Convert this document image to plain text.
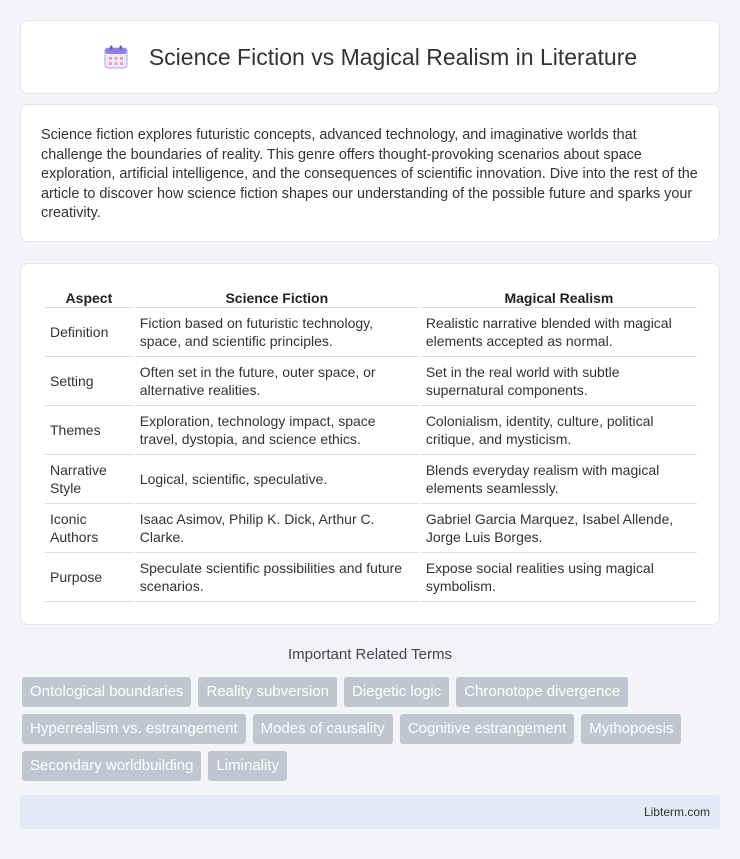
Science Fiction vs Magical Realism in Literature

Science fiction explores futuristic concepts, advanced technology, and imaginative worlds that challenge the boundaries of reality. This genre offers thought-provoking scenarios about space exploration, artificial intelligence, and the consequences of scientific innovation. Dive into the rest of the article to discover how science fiction shapes our understanding of the possible future and sparks your creativity.

Aspect	Science Fiction	Magical Realism
Definition	Fiction based on futuristic technology, space, and scientific principles.	Realistic narrative blended with magical elements accepted as normal.
Setting	Often set in the future, outer space, or alternative realities.	Set in the real world with subtle supernatural components.
Themes	Exploration, technology impact, space travel, dystopia, and science ethics.	Colonialism, identity, culture, political critique, and mysticism.
Narrative Style	Logical, scientific, speculative.	Blends everyday realism with magical elements seamlessly.
Iconic Authors	Isaac Asimov, Philip K. Dick, Arthur C. Clarke.	Gabriel Garcia Marquez, Isabel Allende, Jorge Luis Borges.
Purpose	Speculate scientific possibilities and future scenarios.	Expose social realities using magical symbolism.
Important Related Terms
Ontological boundaries	Reality subversion	Diegetic logic	Chronotope divergence
Hyperrealism vs. estrangement	Modes of causality	Cognitive estrangement	Mythopoesis
Secondary worldbuilding	Liminality
Libterm.com
